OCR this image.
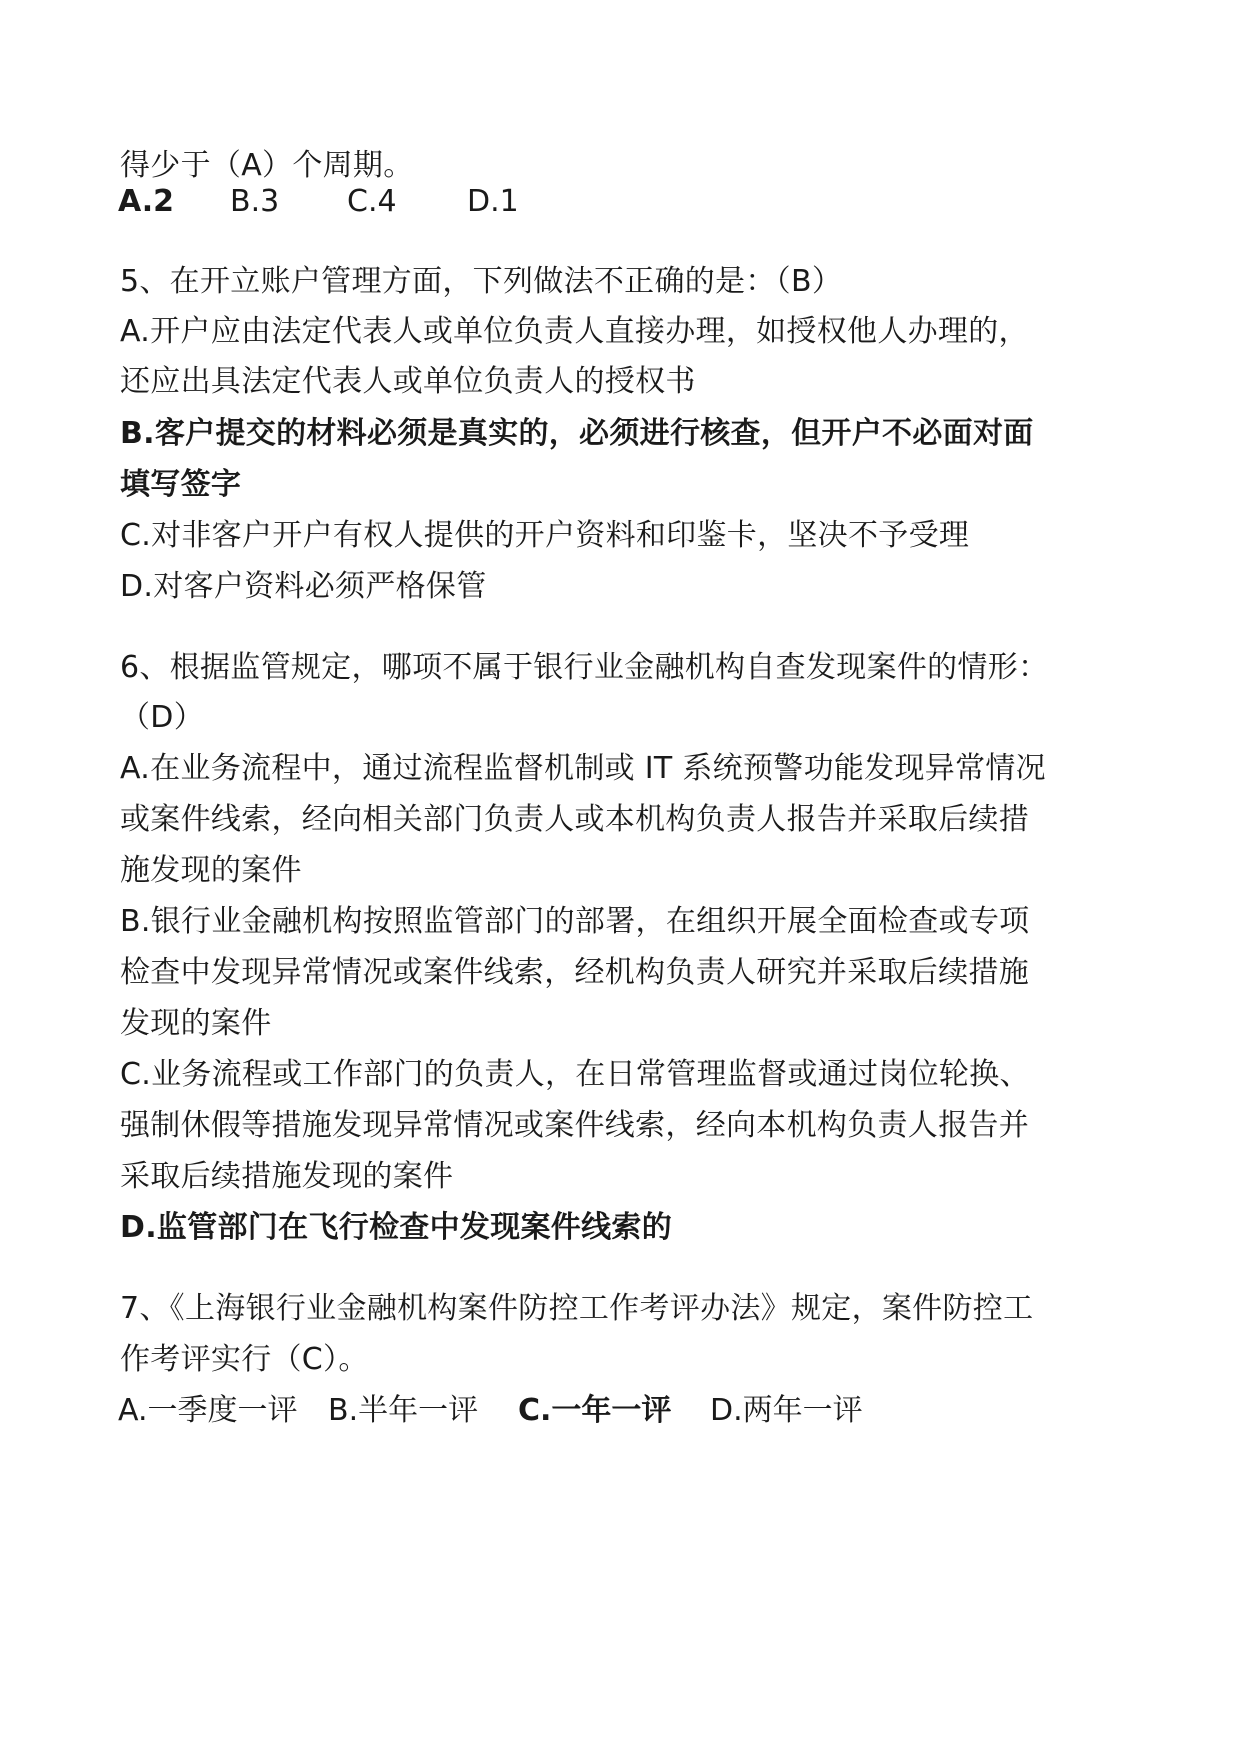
得少于（A）个周期。
A.2 B.3 C.4 D.1
5、在开立账户管理方面，下列做法不正确的是：（B）
A.开户应由法定代表人或单位负责人直接办理，如授权他人办理的，
还应出具法定代表人或单位负责人的授权书
B.客户提交的材料必须是真实的，必须进行核查，但开户不必面对面
填写签字
C.对非客户开户有权人提供的开户资料和印鉴卡，坚决不予受理
D.对客户资料必须严格保管
6、根据监管规定，哪项不属于银行业金融机构自查发现案件的情形：
（D）
A.在业务流程中，通过流程监督机制或 IT 系统预警功能发现异常情况
或案件线索，经向相关部门负责人或本机构负责人报告并采取后续措
施发现的案件
B.银行业金融机构按照监管部门的部署，在组织开展全面检查或专项
检查中发现异常情况或案件线索，经机构负责人研究并采取后续措施
发现的案件
C.业务流程或工作部门的负责人，在日常管理监督或通过岗位轮换、
强制休假等措施发现异常情况或案件线索，经向本机构负责人报告并
采取后续措施发现的案件
D.监管部门在飞行检查中发现案件线索的
7、《上海银行业金融机构案件防控工作考评办法》规定，案件防控工
作考评实行（C）。
A.一季度一评 B.半年一评 C.一年一评 D.两年一评
